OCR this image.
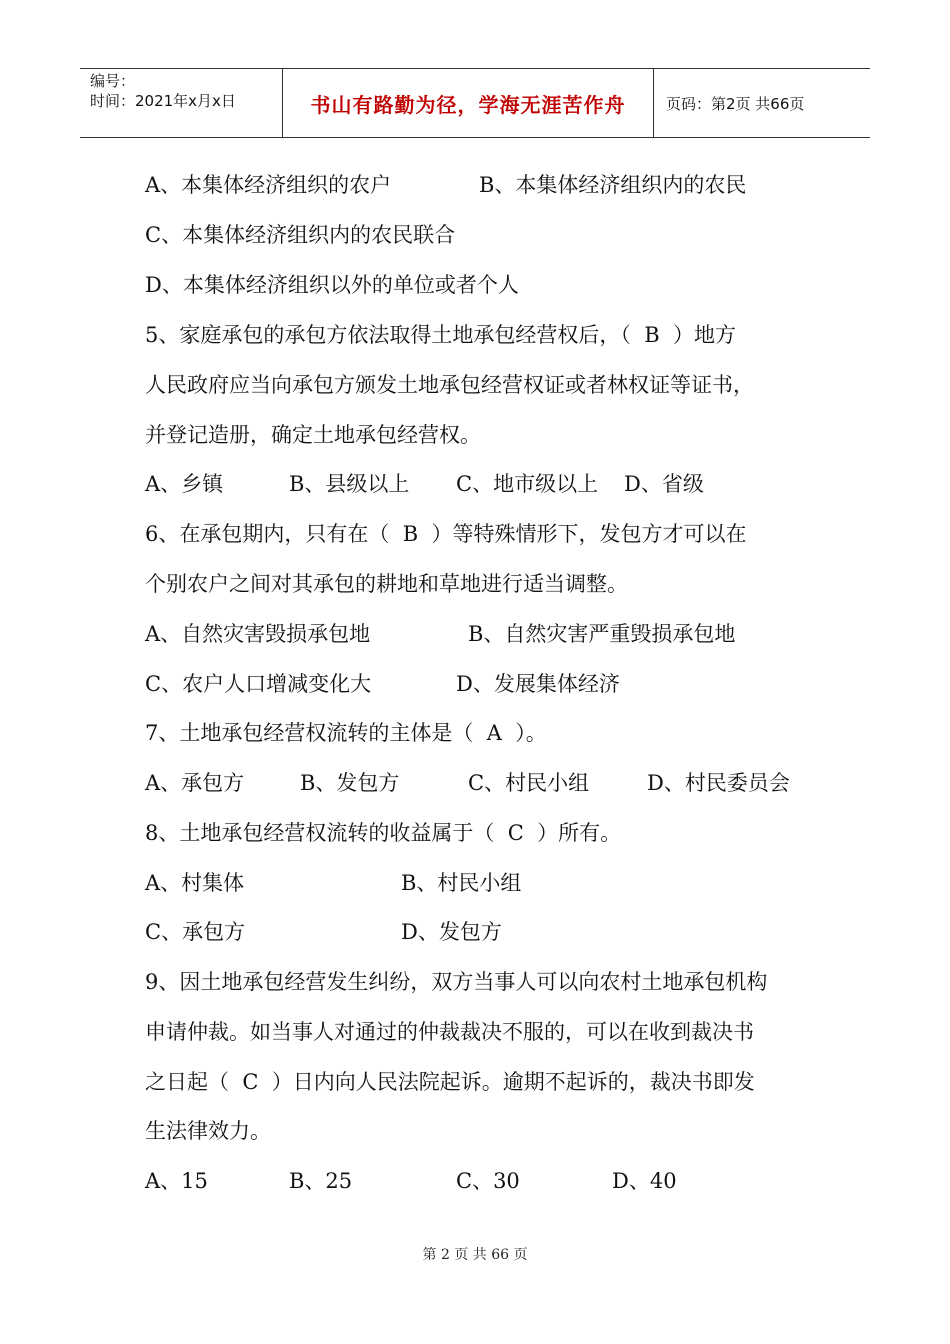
编号：
时间：2021年x月x日	书山有路勤为径，学海无涯苦作舟	页码：第2页 共66页
A、本集体经济组织的农户	B、本集体经济组织内的农民
C、本集体经济组织内的农民联合
D、本集体经济组织以外的单位或者个人
5、家庭承包的承包方依法取得土地承包经营权后，（  B  ）地方
人民政府应当向承包方颁发土地承包经营权证或者林权证等证书，
并登记造册，确定土地承包经营权。
A、乡镇	B、县级以上 C、地市级以上 D、省级
6、在承包期内，只有在（  B  ）等特殊情形下，发包方才可以在
个别农户之间对其承包的耕地和草地进行适当调整。
A、自然灾害毁损承包地	B、自然灾害严重毁损承包地
C、农户人口增减变化大	D、发展集体经济
7、土地承包经营权流转的主体是（  A  ）。
A、承包方	B、发包方	C、村民小组	D、村民委员会
8、土地承包经营权流转的收益属于（  C  ）所有。
A、村集体	B、村民小组
C、承包方	D、发包方
9、因土地承包经营发生纠纷，双方当事人可以向农村土地承包机构
申请仲裁。如当事人对通过的仲裁裁决不服的，可以在收到裁决书
之日起（  C  ）日内向人民法院起诉。逾期不起诉的，裁决书即发
生法律效力。
A、15	B、25	C、30	D、40
第 2 页 共 66 页
